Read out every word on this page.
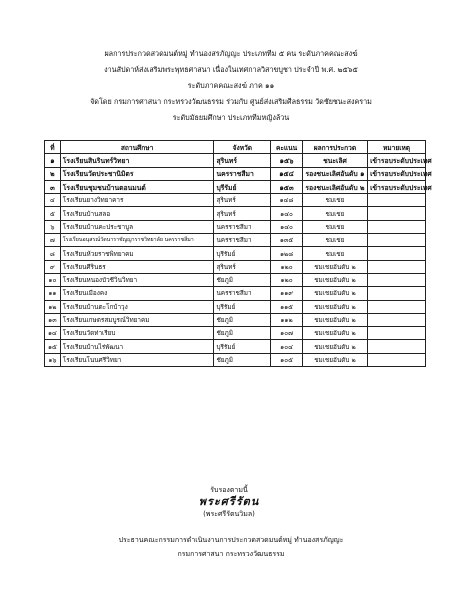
ผลการประกวดสวดมนต์หมู่ ทำนองสรภัญญะ ประเภททีม ๕ คน ระดับภาคคณะสงฆ์
งานสัปดาห์ส่งเสริมพระพุทธศาสนา เนื่องในเทศกาลวิสาขบูชา ประจำปี พ.ศ. ๒๕๖๕
ระดับภาคคณะสงฆ์ ภาค ๑๑
จัดโดย กรมการศาสนา กระทรวงวัฒนธรรม ร่วมกับ ศูนย์ส่งเสริมศีลธรรม วัดชัยชนะสงคราม
ระดับมัธยมศึกษา ประเภททีมหญิงล้วน
ที่	สถานศึกษา	จังหวัด	คะแนน	ผลการประกวด	หมายเหตุ
๑	โรงเรียนสินรินทร์วิทยา	สุรินทร์	๑๕๖	ชนะเลิศ	เข้ารอบระดับประเทศ
๒	โรงเรียนวัดประชานิมิตร	นครราชสีมา	๑๕๔	รองชนะเลิศอันดับ ๑	เข้ารอบระดับประเทศ
๓	โรงเรียนชุมชนบ้านตอนมนต์	บุรีรัมย์	๑๕๓	รองชนะเลิศอันดับ ๒	เข้ารอบระดับประเทศ
๔	โรงเรียนยางวิทยาคาร	สุรินทร์	๑๔๘	ชมเชย	
๕	โรงเรียนบ้านสลอ	สุรินทร์	๑๔๐	ชมเชย	
๖	โรงเรียนบ้านคะประชาบูล	นครราชสีมา	๑๔๐	ชมเชย	
๗	โรงเรียนอนุสรณ์วัดนาราชัญญาราชวิทยาลัย นครราชสีมา	นครราชสีมา	๑๓๕	ชมเชย	
๘	โรงเรียนห้วยราชพิทยาคม	บุรีรัมย์	๑๒๘	ชมเชย	
๙	โรงเรียนศีรินธร	สุรินทร์	๑๒๐	ชมเชยอันดับ ๒	
๑๐	โรงเรียนหนองบัวชีวินวิทยา	ชัยภูมิ	๑๒๐	ชมเชยอันดับ ๒	
๑๑	โรงเรียนเมืองคง	นครราชสีมา	๑๑๙	ชมเชยอันดับ ๒	
๑๒	โรงเรียนบ้านตะโกบ้าวุง	บุรีรัมย์	๑๑๕	ชมเชยอันดับ ๒	
๑๓	โรงเรียนเกษตรสมบูรณ์วิทยาคม	ชัยภูมิ	๑๑๒	ชมเชยอันดับ ๒	
๑๔	โรงเรียนวัดท่าเรียบ	ชัยภูมิ	๑๐๗	ชมเชยอันดับ ๒	
๑๕	โรงเรียนบ้านไร่พัฒนา	บุรีรัมย์	๑๐๔	ชมเชยอันดับ ๒	
๑๖	โรงเรียนโนนศรีวิทยา	ชัยภูมิ	๑๐๕	ชมเชยอันดับ ๒	
รับรองตามนี้
พระศรีรัตน
(พระศรีรัตนวิมล)
ประธานคณะกรรมการดำเนินงานการประกวดสวดมนต์หมู่ ทำนองสรภัญญะ
กรมการศาสนา กระทรวงวัฒนธรรม
